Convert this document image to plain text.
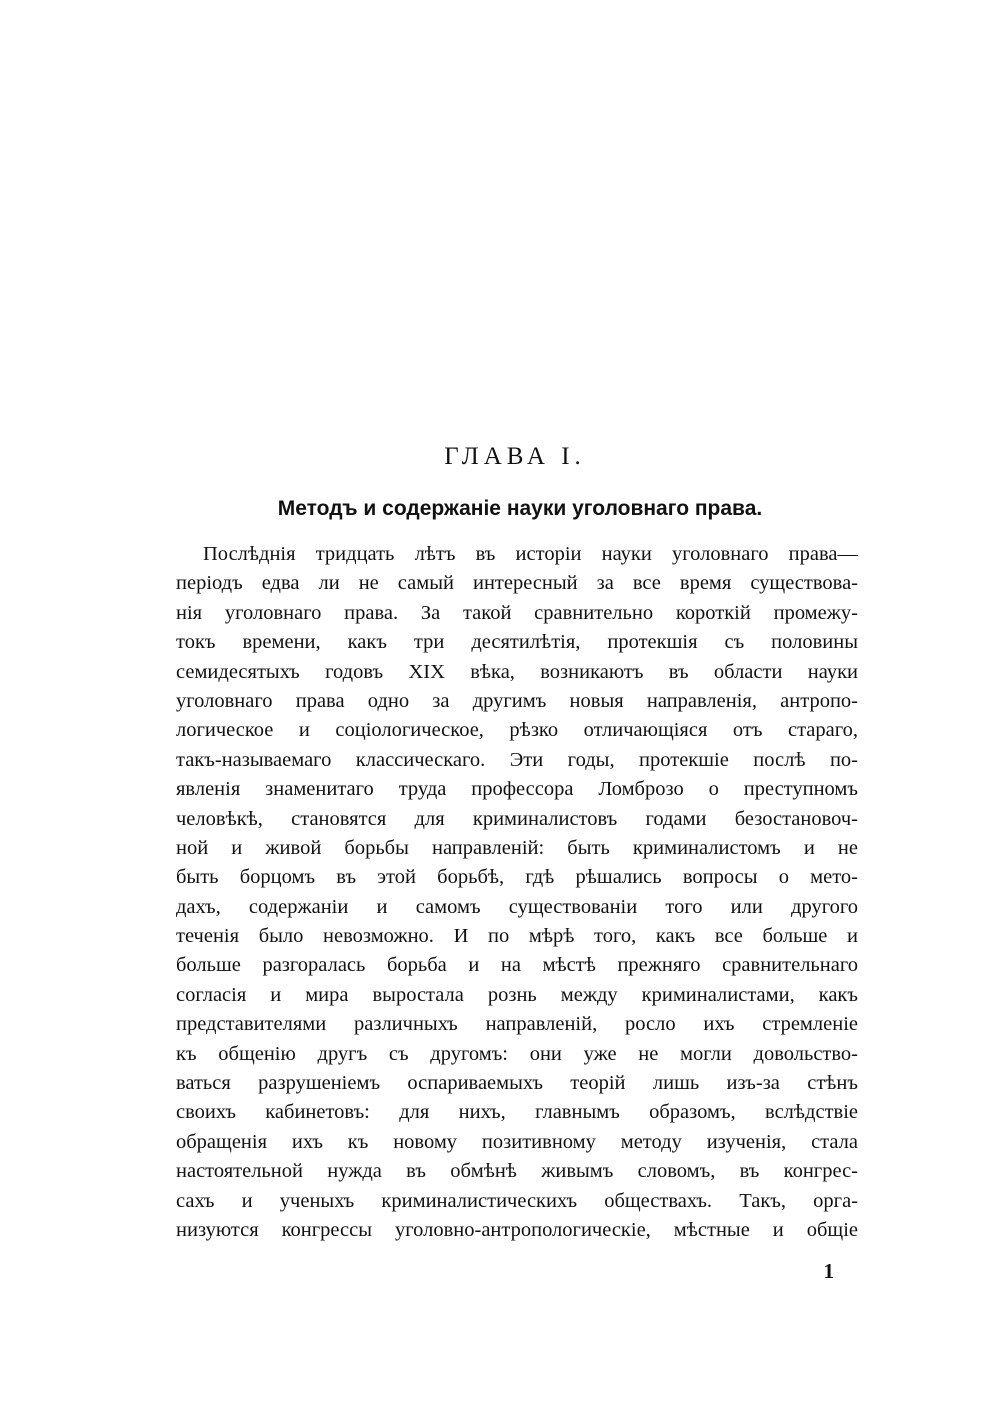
ГЛАВА I.
Методъ и содержанiе науки уголовнаго права.
Послѣднiя тридцать лѣтъ въ исторiи науки уголовнаго права—
перiодъ едва ли не самый интересный за все время существова-
нiя уголовнаго права. За такой сравнительно короткiй промежу-
токъ времени, какъ три десятилѣтiя, протекшiя съ половины
семидесятыхъ годовъ XIX вѣка, возникаютъ въ области науки
уголовнаго права одно за другимъ новыя направленiя, антропо-
логическое и соцiологическое, рѣзко отличающiяся отъ стараго,
такъ-называемаго классическаго. Эти годы, протекшiе послѣ по-
явленiя знаменитаго труда профессора Ломброзо о преступномъ
человѣкѣ, становятся для криминалистовъ годами безостановоч-
ной и живой борьбы направленiй: быть криминалистомъ и не
быть борцомъ въ этой борьбѣ, гдѣ рѣшались вопросы о мето-
дахъ, содержанiи и самомъ существованiи того или другого
теченiя было невозможно. И по мѣрѣ того, какъ все больше и
больше разгоралась борьба и на мѣстѣ прежняго сравнительнаго
согласiя и мира выростала рознь между криминалистами, какъ
представителями различныхъ направленiй, росло ихъ стремленiе
къ общенiю другъ съ другомъ: они уже не могли довольство-
ваться разрушенiемъ оспариваемыхъ теорiй лишь изъ-за стѣнъ
своихъ кабинетовъ: для нихъ, главнымъ образомъ, вслѣдствiе
обращенiя ихъ къ новому позитивному методу изученiя, стала
настоятельной нужда въ обмѣнѣ живымъ словомъ, въ конгрес-
сахъ и ученыхъ криминалистическихъ обществахъ. Такъ, орга-
низуются конгрессы уголовно-антропологическiе, мѣстные и общiе
1
